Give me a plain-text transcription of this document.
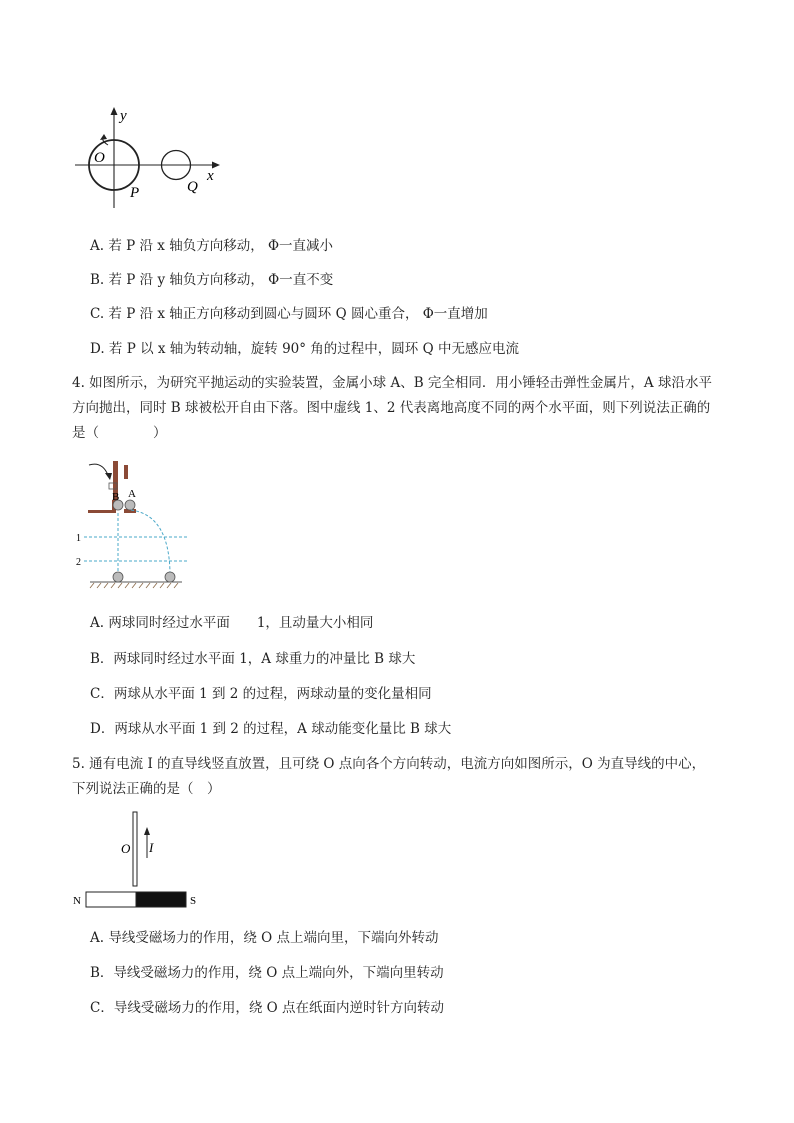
y
x
O
P	Q
A. 若 P 沿 x 轴负方向移动， Φ一直减小
B. 若 P 沿 y 轴负方向移动， Φ一直不变
C. 若 P 沿 x 轴正方向移动到圆心与圆环 Q 圆心重合， Φ一直增加
D. 若 P 以 x 轴为转动轴，旋转 90° 角的过程中，圆环 Q 中无感应电流
4. 如图所示，为研究平抛运动的实验装置，金属小球 A、B 完全相同．用小锤轻击弹性金属片，A 球沿水平方向抛出，同时 B 球被松开自由下落。图中虚线 1、2 代表离地高度不同的两个水平面，则下列说法正确的是（　　　　）
B A
1
2
A. 两球同时经过水平面　　1，且动量大小相同
B．两球同时经过水平面 1，A 球重力的冲量比 B 球大
C．两球从水平面 1 到 2 的过程，两球动量的变化量相同
D．两球从水平面 1 到 2 的过程，A 球动能变化量比 B 球大
5. 通有电流 I 的直导线竖直放置，且可绕 O 点向各个方向转动，电流方向如图所示，O 为直导线的中心，下列说法正确的是（　）
O I
N	S
A. 导线受磁场力的作用，绕 O 点上端向里，下端向外转动
B．导线受磁场力的作用，绕 O 点上端向外，下端向里转动
C．导线受磁场力的作用，绕 O 点在纸面内逆时针方向转动
